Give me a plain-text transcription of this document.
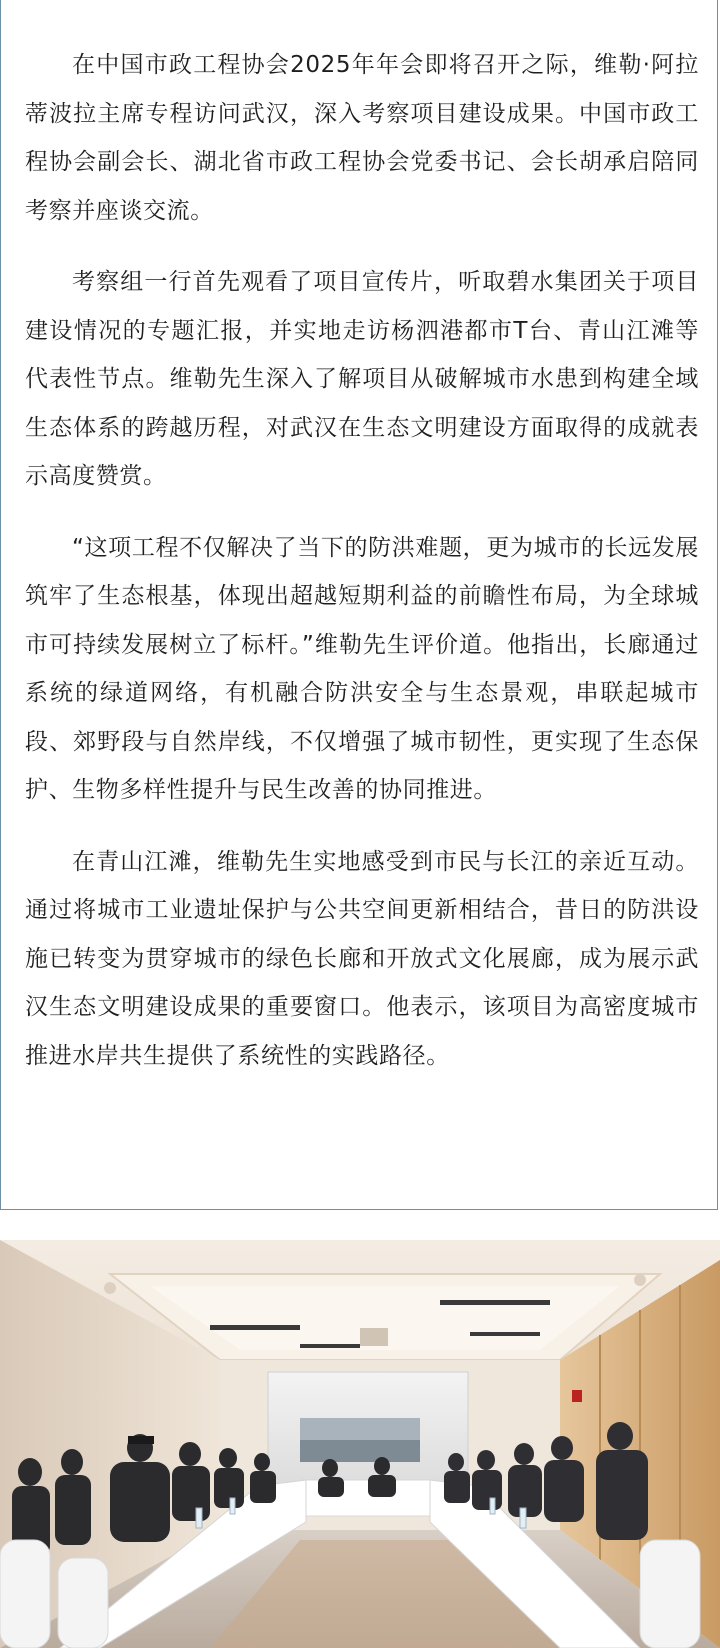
在中国市政工程协会2025年年会即将召开之际，维勒·阿拉蒂波拉主席专程访问武汉，深入考察项目建设成果。中国市政工程协会副会长、湖北省市政工程协会党委书记、会长胡承启陪同考察并座谈交流。

考察组一行首先观看了项目宣传片，听取碧水集团关于项目建设情况的专题汇报，并实地走访杨泗港都市T台、青山江滩等代表性节点。维勒先生深入了解项目从破解城市水患到构建全域生态体系的跨越历程，对武汉在生态文明建设方面取得的成就表示高度赞赏。

“这项工程不仅解决了当下的防洪难题，更为城市的长远发展筑牢了生态根基，体现出超越短期利益的前瞻性布局，为全球城市可持续发展树立了标杆。”维勒先生评价道。他指出，长廊通过系统的绿道网络，有机融合防洪安全与生态景观，串联起城市段、郊野段与自然岸线，不仅增强了城市韧性，更实现了生态保护、生物多样性提升与民生改善的协同推进。

在青山江滩，维勒先生实地感受到市民与长江的亲近互动。通过将城市工业遗址保护与公共空间更新相结合，昔日的防洪设施已转变为贯穿城市的绿色长廊和开放式文化展廊，成为展示武汉生态文明建设成果的重要窗口。他表示，该项目为高密度城市推进水岸共生提供了系统性的实践路径。
